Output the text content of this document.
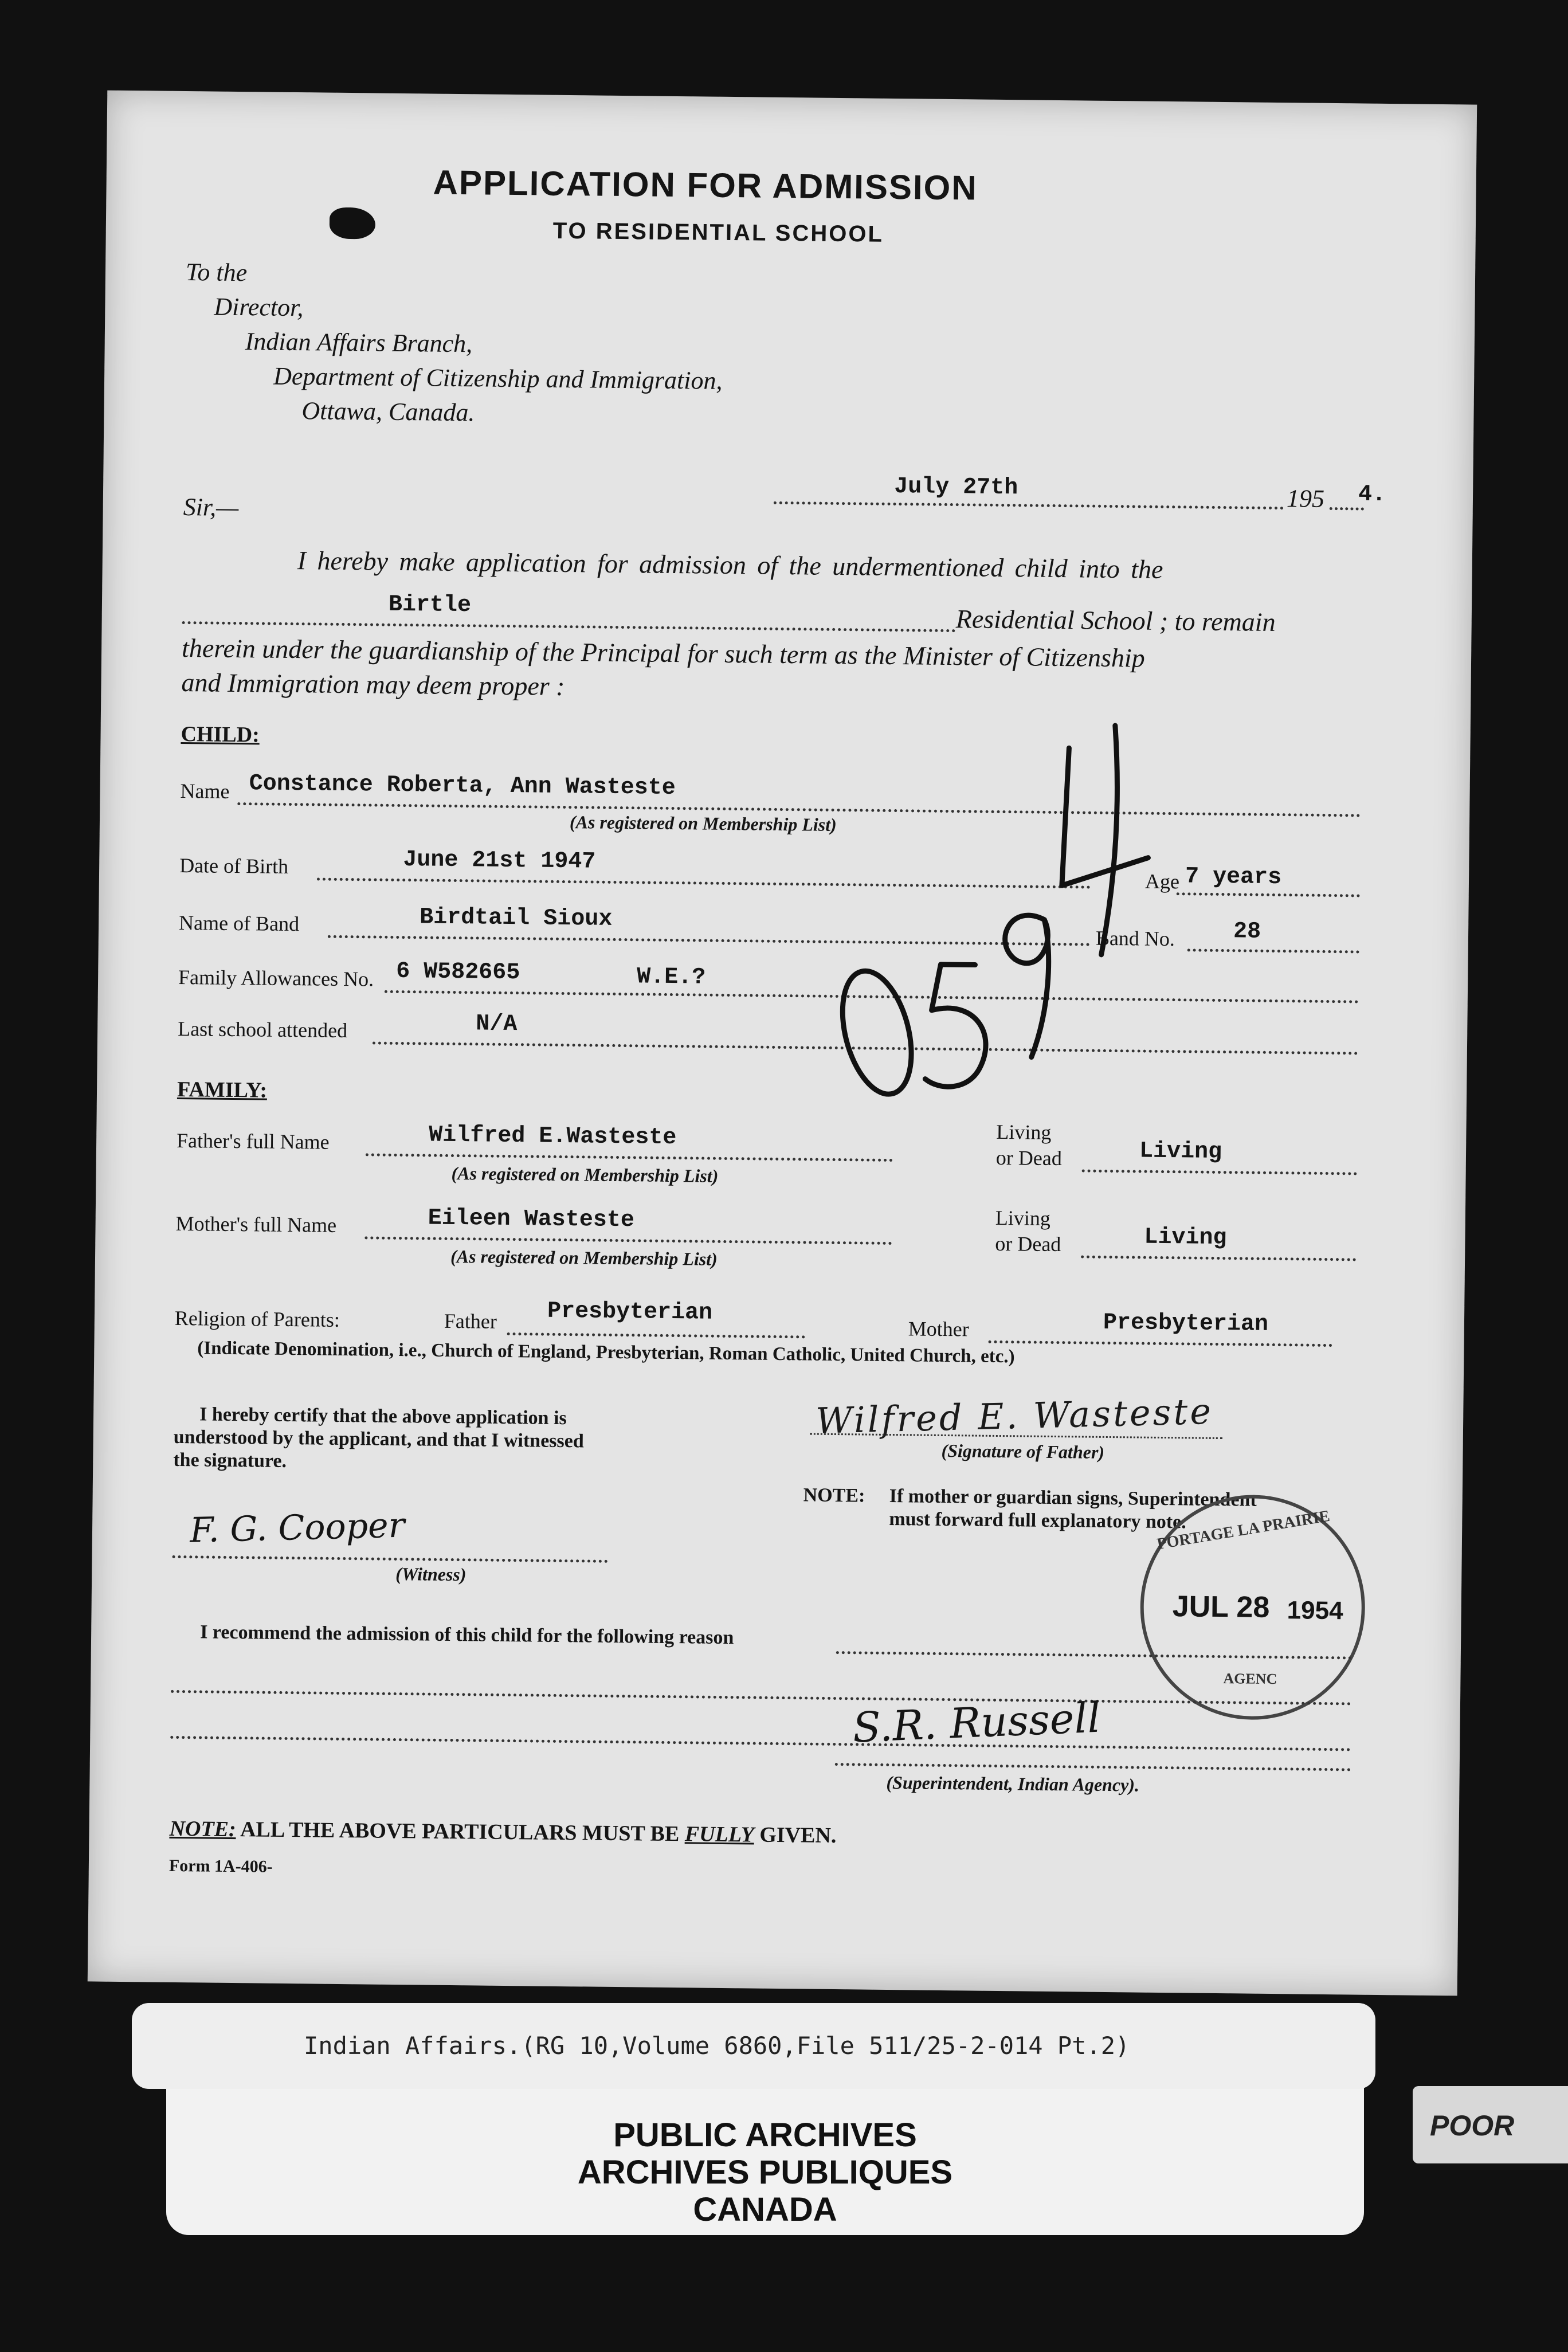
APPLICATION FOR ADMISSION
TO RESIDENTIAL SCHOOL
To the
Director,
Indian Affairs Branch,
Department of Citizenship and Immigration,
Ottawa, Canada.
July 27th	195 4.
Sir,—
I hereby make application for admission of the undermentioned child into the
Birtle	Residential School ; to remain
therein under the guardianship of the Principal for such term as the Minister of Citizenship
and Immigration may deem proper :
CHILD:
Name Constance Roberta, Ann Wasteste
(As registered on Membership List)
Date of Birth	June 21st 1947
Age 7 years
Name of Band	Birdtail Sioux
Band No.	28
Family Allowances No. 6 W582665	W.E.?
Last school attended	N/A
0594
FAMILY:
Father's full Name	Wilfred E.Wasteste
(As registered on Membership List)
Living
or Dead	Living
Mother's full Name	Eileen Wasteste
(As registered on Membership List)
Living
or Dead	Living
Religion of Parents:	Father Presbyterian
Mother	Presbyterian
(Indicate Denomination, i.e., Church of England, Presbyterian, Roman Catholic, United Church, etc.)
I hereby certify that the above application is
understood by the applicant, and that I witnessed
the signature.
Wilfred E. Wasteste
(Signature of Father)
NOTE: If mother or guardian signs, Superintendent
must forward full explanatory note.
F. G. Cooper
(Witness)
PORTAGE LA PRAIRIE
JUL 28 1954
AGENC
I recommend the admission of this child for the following reason
S.R. Russell
(Superintendent, Indian Agency).
NOTE: ALL THE ABOVE PARTICULARS MUST BE FULLY GIVEN.
Form 1A-406-
PUBLIC ARCHIVES
ARCHIVES PUBLIQUES
CANADA
Indian Affairs.(RG 10,Volume 6860,File 511/25-2-014 Pt.2)
POOR
